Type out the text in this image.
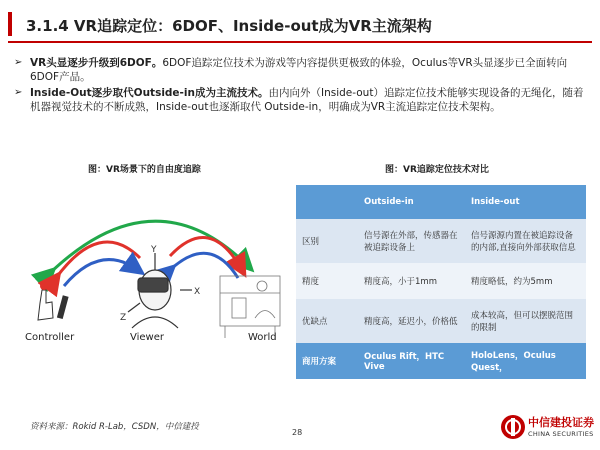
3.1.4 VR追踪定位：6DOF、Inside-out成为VR主流架构
➢ VR头显逐步升级到6DOF。6DOF追踪定位技术为游戏等内容提供更极致的体验，Oculus等VR头显逐步已全面转向6DOF产品。
➢ Inside-Out逐步取代Outside-in成为主流技术。由内向外（Inside-out）追踪定位技术能够实现设备的无绳化，随着机器视觉技术的不断成熟，Inside-out也逐渐取代 Outside-in，明确成为VR主流追踪定位技术架构。
图：VR场景下的自由度追踪	图：VR追踪定位技术对比
Y
X
Z
Controller	Viewer	World
	Outside-in	Inside-out
区别	信号源在外部，传感器在被追踪设备上	信号源源内置在被追踪设备的内部,直接向外部获取信息
精度	精度高，小于1mm	精度略低，约为5mm
优缺点	精度高，延迟小，价格低	成本较高，但可以摆脱范围的限制
商用方案	Oculus Rift，HTC Vive	HoloLens，Oculus Quest，
资料来源：Rokid R-Lab，CSDN，中信建投
28
中信建投证券
CHINA SECURITIES
